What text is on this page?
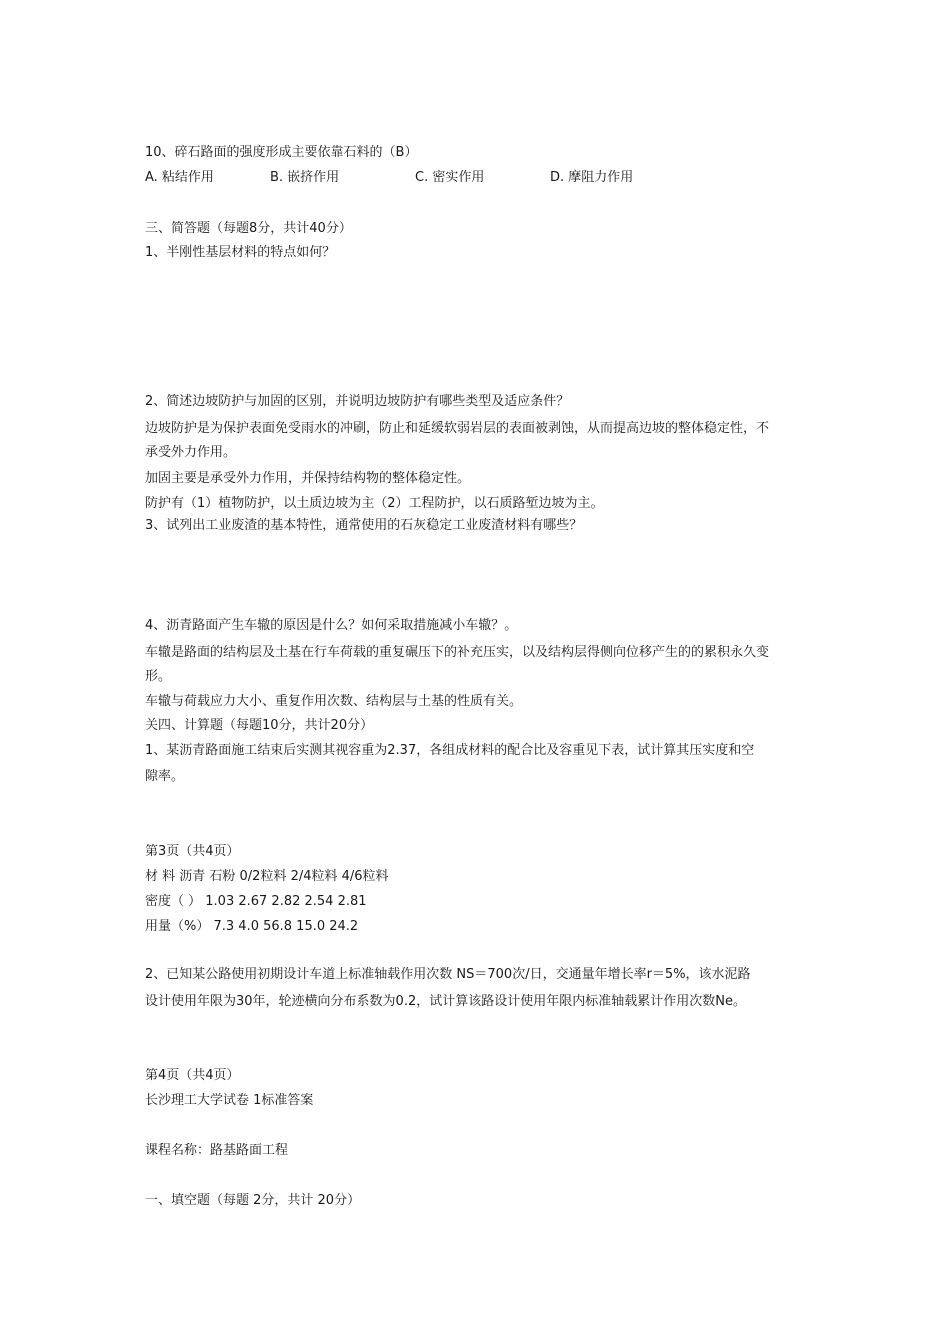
10、碎石路面的强度形成主要依靠石料的（B）
A. 粘结作用	B. 嵌挤作用	C. 密实作用	D. 摩阻力作用
三、简答题（每题8分，共计40分）
1、半刚性基层材料的特点如何？
2、简述边坡防护与加固的区别，并说明边坡防护有哪些类型及适应条件？
边坡防护是为保护表面免受雨水的冲刷，防止和延缓软弱岩层的表面被剥蚀，从而提高边坡的整体稳定性，不
承受外力作用。
加固主要是承受外力作用，并保持结构物的整体稳定性。
防护有（1）植物防护，以土质边坡为主（2）工程防护，以石质路堑边坡为主。
3、试列出工业废渣的基本特性，通常使用的石灰稳定工业废渣材料有哪些？
4、沥青路面产生车辙的原因是什么？如何采取措施减小车辙？。
车辙是路面的结构层及土基在行车荷载的重复碾压下的补充压实，以及结构层得侧向位移产生的的累积永久变
形。
车辙与荷载应力大小、重复作用次数、结构层与土基的性质有关。
关四、计算题（每题10分，共计20分）
1、某沥青路面施工结束后实测其视容重为2.37，各组成材料的配合比及容重见下表，试计算其压实度和空
隙率。
第3页（共4页）
材 料 沥青 石粉 0/2粒料 2/4粒料 4/6粒料
密度（ ） 1.03 2.67 2.82 2.54 2.81
用量（%） 7.3 4.0 56.8 15.0 24.2
2、已知某公路使用初期设计车道上标准轴载作用次数 NS＝700次/日，交通量年增长率r＝5%，该水泥路
设计使用年限为30年，轮迹横向分布系数为0.2，试计算该路设计使用年限内标准轴载累计作用次数Ne。
第4页（共4页）
长沙理工大学试卷 1标准答案
课程名称：路基路面工程
一、填空题（每题 2分，共计 20分）
